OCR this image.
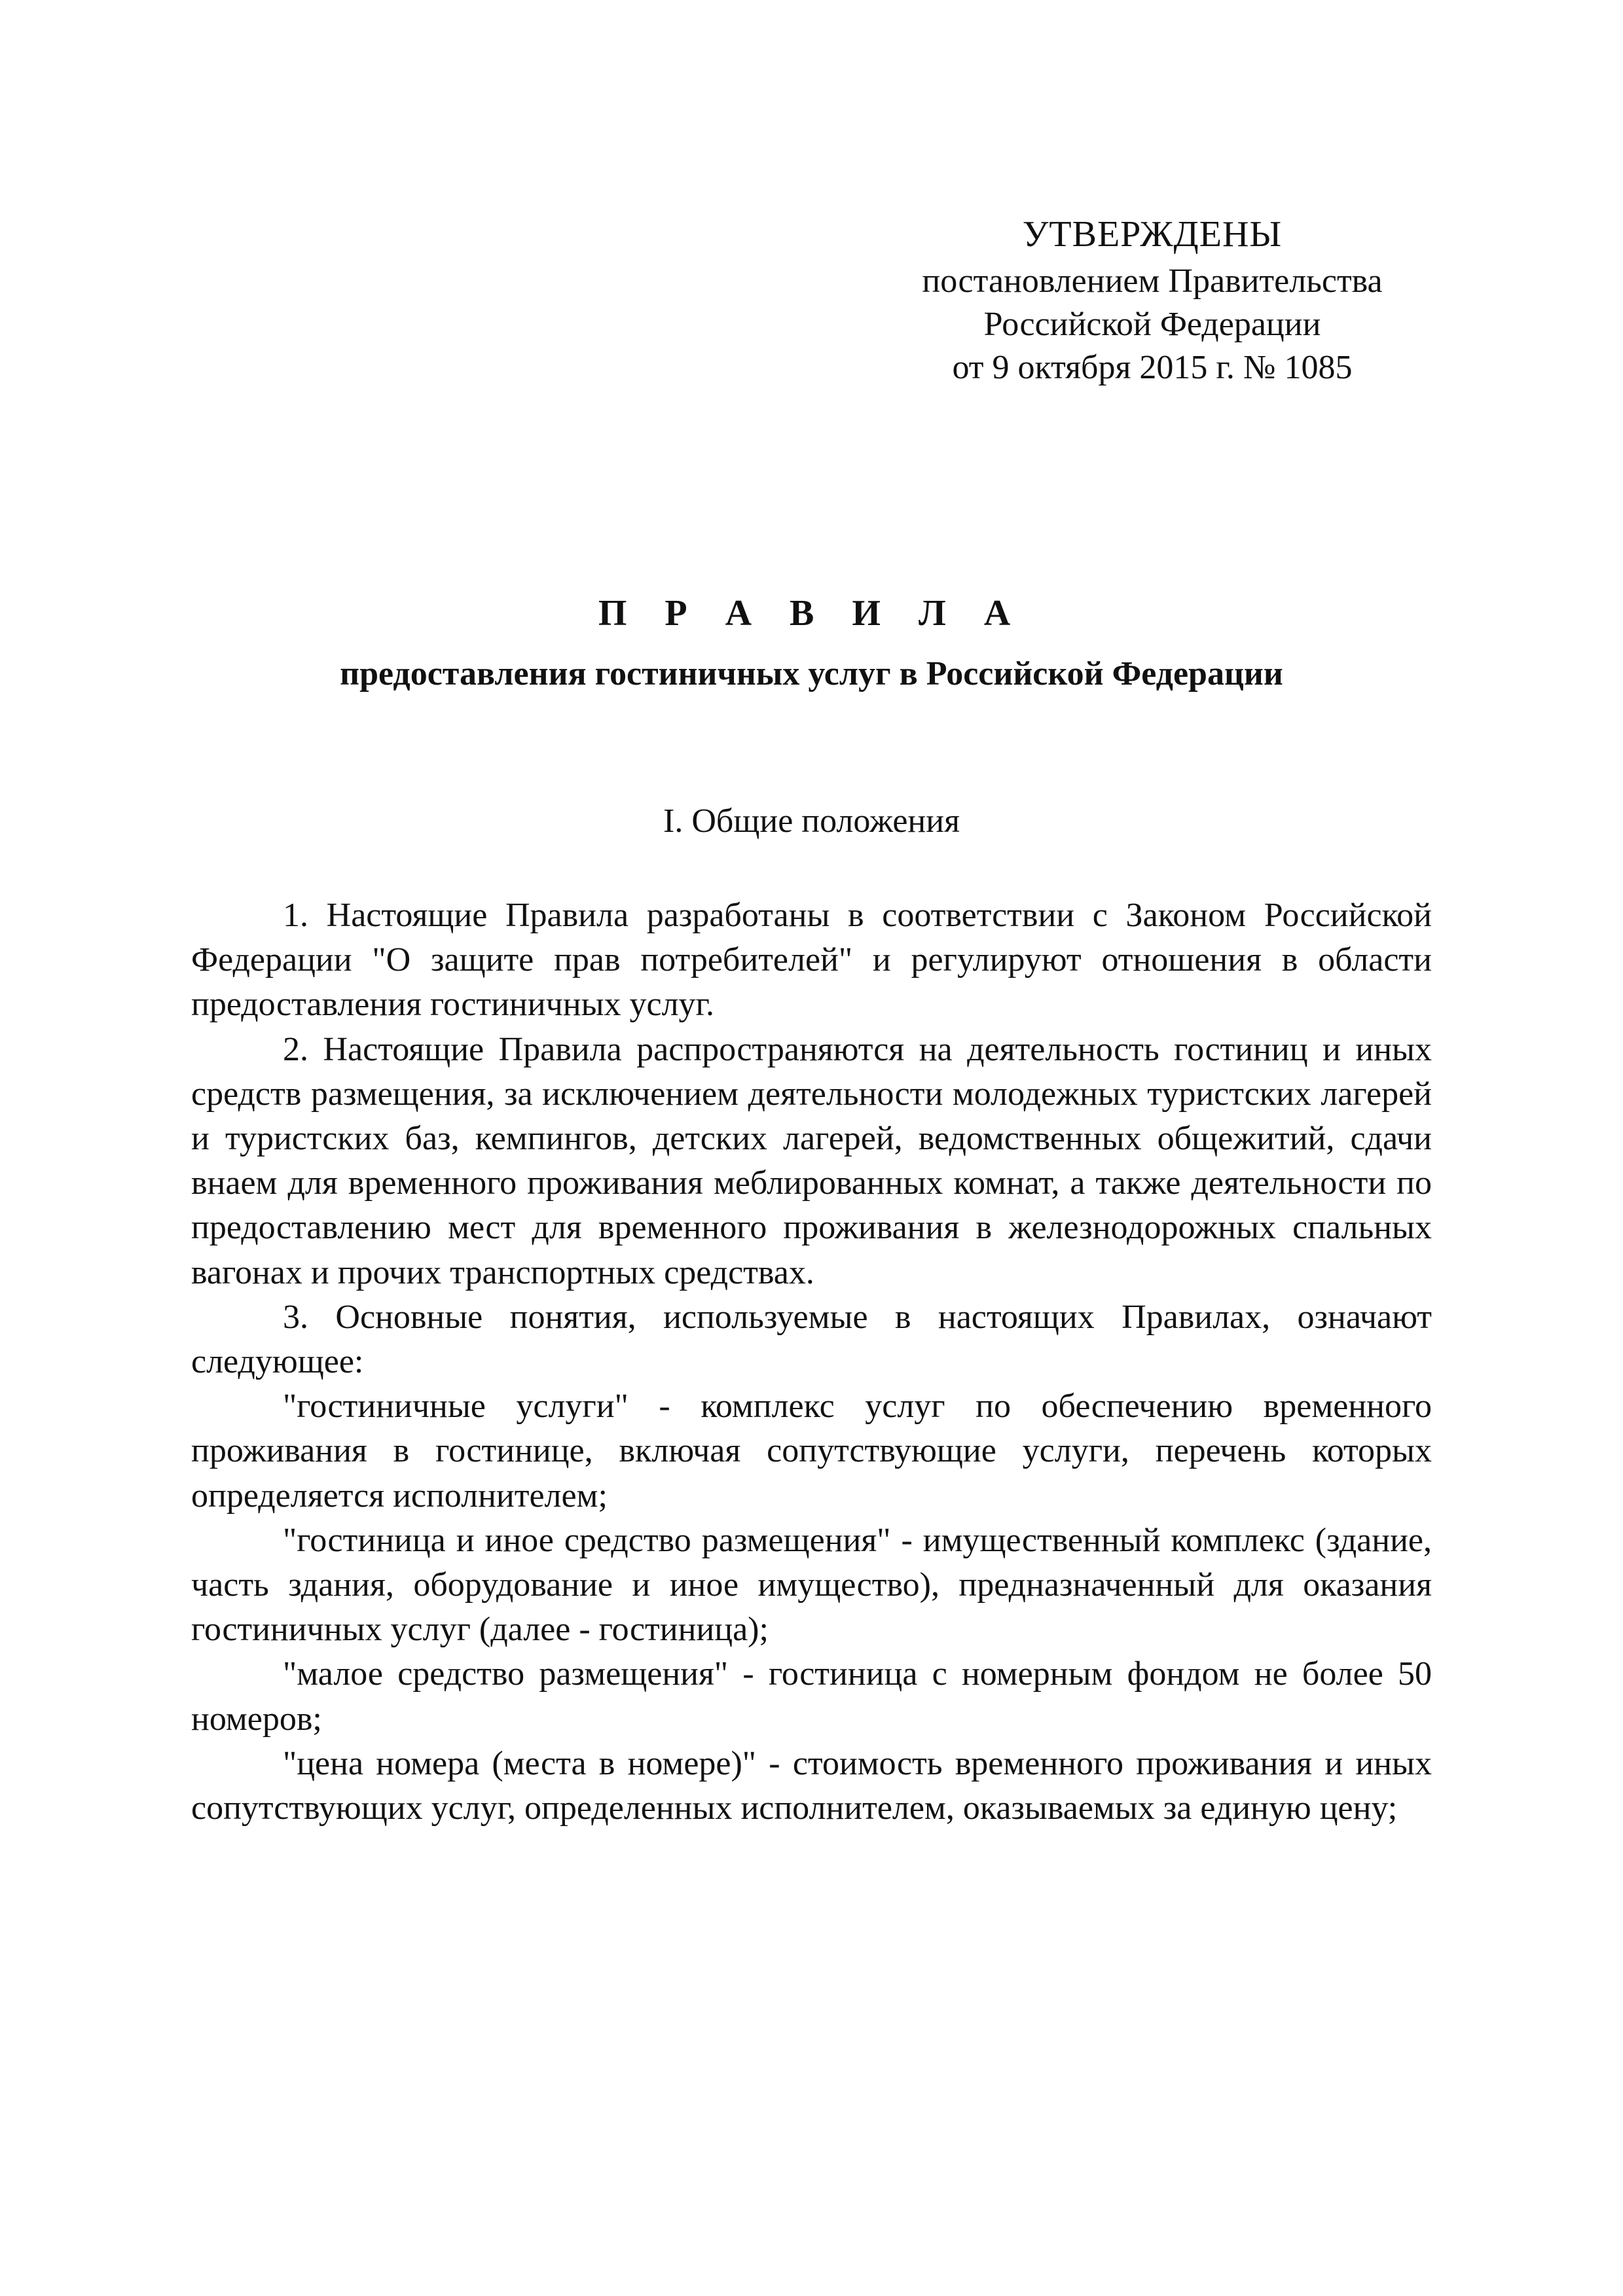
УТВЕРЖДЕНЫ
постановлением Правительства
Российской Федерации
от 9 октября 2015 г. № 1085
П Р А В И Л А
предоставления гостиничных услуг в Российской Федерации
I. Общие положения

1. Настоящие Правила разработаны в соответствии с Законом Российской Федерации "О защите прав потребителей" и регулируют отношения в области предоставления гостиничных услуг.

2. Настоящие Правила распространяются на деятельность гостиниц и иных средств размещения, за исключением деятельности молодежных туристских лагерей и туристских баз, кемпингов, детских лагерей, ведомственных общежитий, сдачи внаем для временного проживания меблированных комнат, а также деятельности по предоставлению мест для временного проживания в железнодорожных спальных вагонах и прочих транспортных средствах.

3. Основные понятия, используемые в настоящих Правилах, означают следующее:

"гостиничные услуги" - комплекс услуг по обеспечению временного проживания в гостинице, включая сопутствующие услуги, перечень которых определяется исполнителем;

"гостиница и иное средство размещения" - имущественный комплекс (здание, часть здания, оборудование и иное имущество), предназначенный для оказания гостиничных услуг (далее - гостиница);

"малое средство размещения" - гостиница с номерным фондом не более 50 номеров;

"цена номера (места в номере)" - стоимость временного проживания и иных сопутствующих услуг, определенных исполнителем, оказываемых за единую цену;
